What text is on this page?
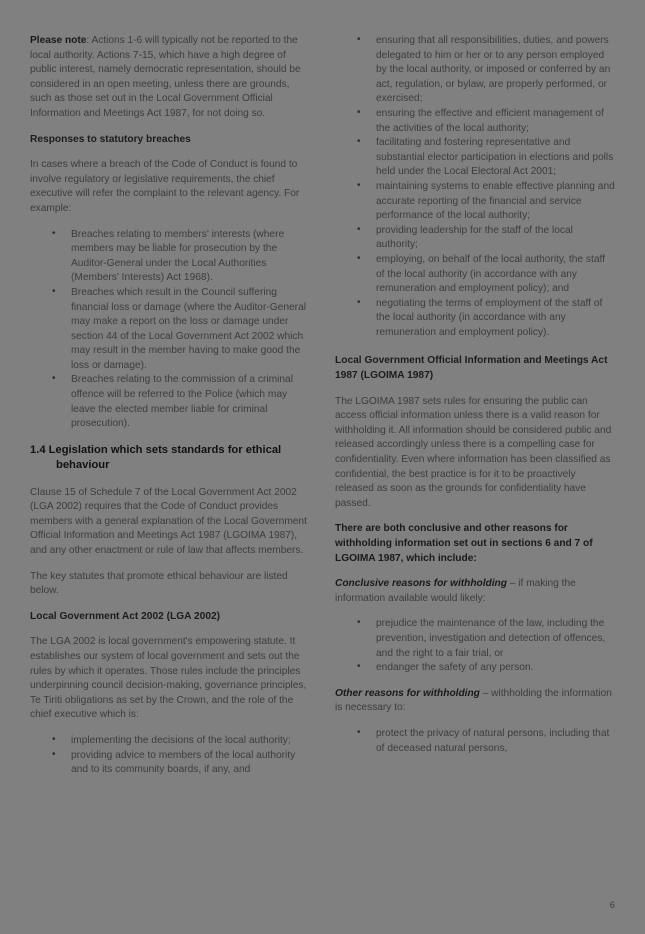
Please note: Actions 1-6 will typically not be reported to the local authority. Actions 7-15, which have a high degree of public interest, namely democratic representation, should be considered in an open meeting, unless there are grounds, such as those set out in the Local Government Official Information and Meetings Act 1987, for not doing so.

Responses to statutory breaches

In cases where a breach of the Code of Conduct is found to involve regulatory or legislative requirements, the chief executive will refer the complaint to the relevant agency. For example:

• Breaches relating to members' interests (where members may be liable for prosecution by the Auditor-General under the Local Authorities (Members' Interests) Act 1968).
• Breaches which result in the Council suffering financial loss or damage (where the Auditor-General may make a report on the loss or damage under section 44 of the Local Government Act 2002 which may result in the member having to make good the loss or damage).
• Breaches relating to the commission of a criminal offence will be referred to the Police (which may leave the elected member liable for criminal prosecution).
1.4 Legislation which sets standards for ethical behaviour

Clause 15 of Schedule 7 of the Local Government Act 2002 (LGA 2002) requires that the Code of Conduct provides members with a general explanation of the Local Government Official Information and Meetings Act 1987 (LGOIMA 1987), and any other enactment or rule of law that affects members.

The key statutes that promote ethical behaviour are listed below.

Local Government Act 2002 (LGA 2002)

The LGA 2002 is local government's empowering statute. It establishes our system of local government and sets out the rules by which it operates. Those rules include the principles underpinning council decision-making, governance principles, Te Tiriti obligations as set by the Crown, and the role of the chief executive which is:

• implementing the decisions of the local authority;
• providing advice to members of the local authority and to its community boards, if any, and
• ensuring that all responsibilities, duties, and powers delegated to him or her or to any person employed by the local authority, or imposed or conferred by an act, regulation, or bylaw, are properly performed, or exercised;
• ensuring the effective and efficient management of the activities of the local authority;
• facilitating and fostering representative and substantial elector participation in elections and polls held under the Local Electoral Act 2001;
• maintaining systems to enable effective planning and accurate reporting of the financial and service performance of the local authority;
• providing leadership for the staff of the local authority;
• employing, on behalf of the local authority, the staff of the local authority (in accordance with any remuneration and employment policy); and
• negotiating the terms of employment of the staff of the local authority (in accordance with any remuneration and employment policy).
Local Government Official Information and Meetings Act 1987 (LGOIMA 1987)

The LGOIMA 1987 sets rules for ensuring the public can access official information unless there is a valid reason for withholding it. All information should be considered public and released accordingly unless there is a compelling case for confidentiality. Even where information has been classified as confidential, the best practice is for it to be proactively released as soon as the grounds for confidentiality have passed.

There are both conclusive and other reasons for withholding information set out in sections 6 and 7 of LGOIMA 1987, which include:

Conclusive reasons for withholding – if making the information available would likely:

• prejudice the maintenance of the law, including the prevention, investigation and detection of offences, and the right to a fair trial, or
• endanger the safety of any person.

Other reasons for withholding – withholding the information is necessary to:

• protect the privacy of natural persons, including that of deceased natural persons,
6
